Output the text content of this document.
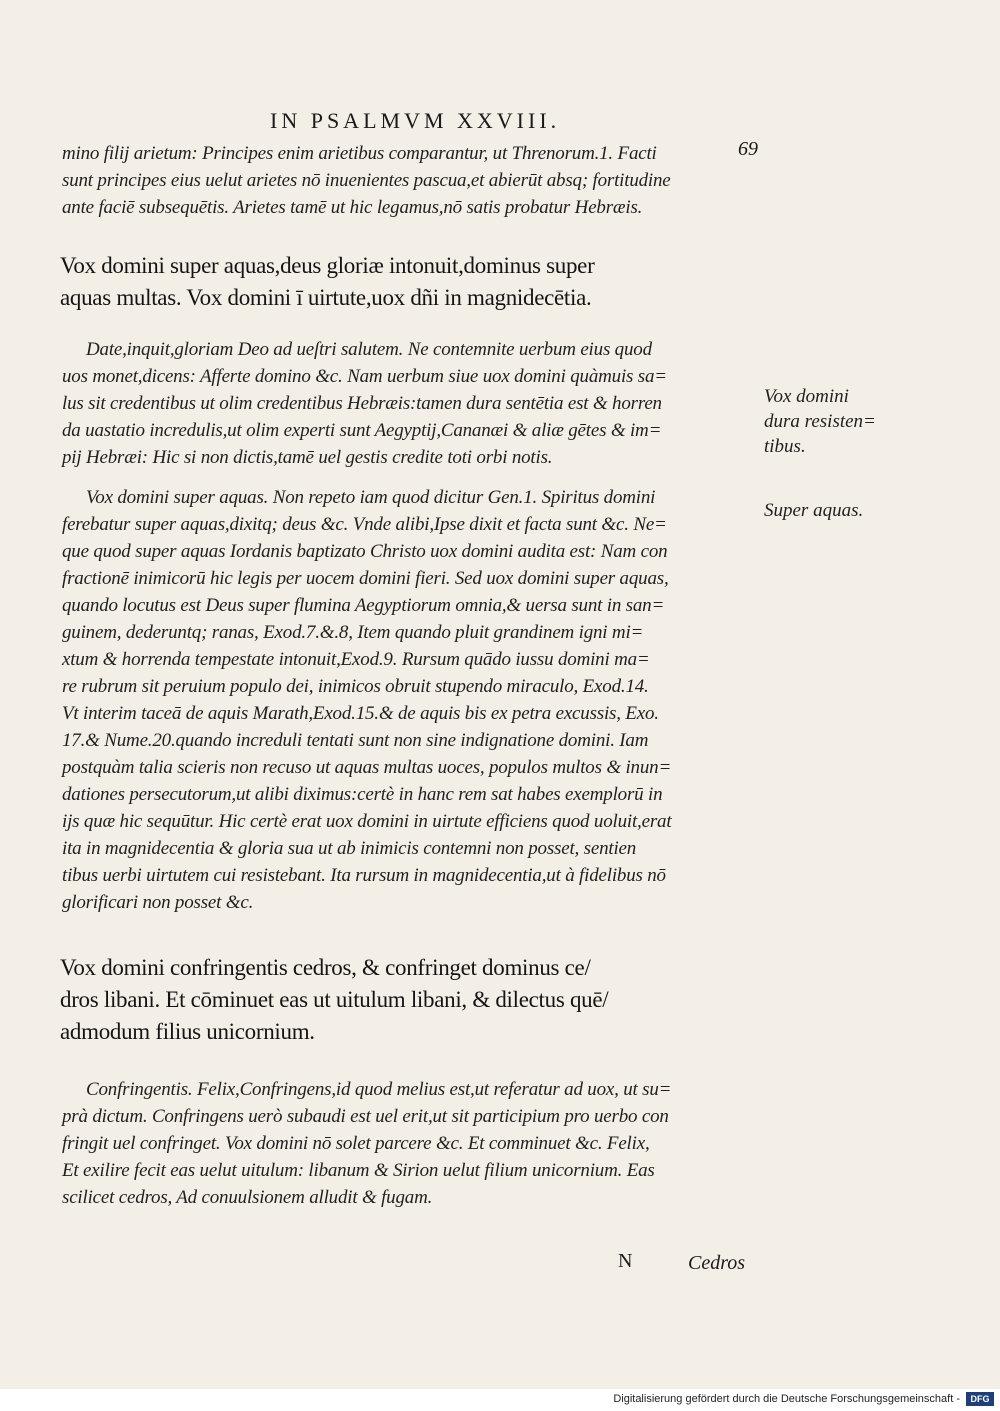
IN PSALMVM XXVIII.
69
mino filij arietum: Principes enim arietibus comparantur, ut Threnorum.1. Facti
sunt principes eius uelut arietes nō inuenientes pascua,et abierūt absq; fortitudine
ante faciē subsequētis. Arietes tamē ut hic legamus,nō satis probatur Hebræis.
Vox domini super aquas,deus gloriæ intonuit,dominus super
aquas multas. Vox domini ī uirtute,uox dñi in magnidecētia.
Date,inquit,gloriam Deo ad ueſtri salutem. Ne contemnite uerbum eius quod
uos monet,dicens: Afferte domino &c. Nam uerbum siue uox domini quàmuis sa=
lus sit credentibus ut olim credentibus Hebræis:tamen dura sentētia est & horren
da uastatio incredulis,ut olim experti sunt Aegyptij,Cananæi & aliæ gētes & im=
pij Hebræi: Hic si non dictis,tamē uel gestis credite toti orbi notis.
Vox domini
dura resisten=
tibus.
Vox domini super aquas. Non repeto iam quod dicitur Gen.1. Spiritus domini
ferebatur super aquas,dixitq; deus &c. Vnde alibi,Ipse dixit et facta sunt &c. Ne=
que quod super aquas Iordanis baptizato Christo uox domini audita est: Nam con
fractionē inimicorū hic legis per uocem domini fieri. Sed uox domini super aquas,
quando locutus est Deus super flumina Aegyptiorum omnia,& uersa sunt in san=
guinem, dederuntq; ranas, Exod.7.&.8, Item quando pluit grandinem igni mi=
xtum & horrenda tempestate intonuit,Exod.9. Rursum quādo iussu domini ma=
re rubrum sit peruium populo dei, inimicos obruit stupendo miraculo, Exod.14.
Vt interim taceā de aquis Marath,Exod.15.& de aquis bis ex petra excussis, Exo.
17.& Nume.20.quando increduli tentati sunt non sine indignatione domini. Iam
postquàm talia scieris non recuso ut aquas multas uoces, populos multos & inun=
dationes persecutorum,ut alibi diximus:certè in hanc rem sat habes exemplorū in
ijs quæ hic sequūtur. Hic certè erat uox domini in uirtute efficiens quod uoluit,erat
ita in magnidecentia & gloria sua ut ab inimicis contemni non posset, sentien
tibus uerbi uirtutem cui resistebant. Ita rursum in magnidecentia,ut à fidelibus nō
glorificari non posset &c.
Super aquas.
Vox domini confringentis cedros, & confringet dominus ce/
dros libani. Et cōminuet eas ut uitulum libani, & dilectus quē/
admodum filius unicornium.
Confringentis. Felix,Confringens,id quod melius est,ut referatur ad uox, ut su=
prà dictum. Confringens uerò subaudi est uel erit,ut sit participium pro uerbo con
fringit uel confringet. Vox domini nō solet parcere &c. Et comminuet &c. Felix,
Et exilire fecit eas uelut uitulum: libanum & Sirion uelut filium unicornium. Eas
scilicet cedros, Ad conuulsionem alludit & fugam.
N	Cedros
Digitalisierung gefördert durch die Deutsche Forschungsgemeinschaft -	DFG
